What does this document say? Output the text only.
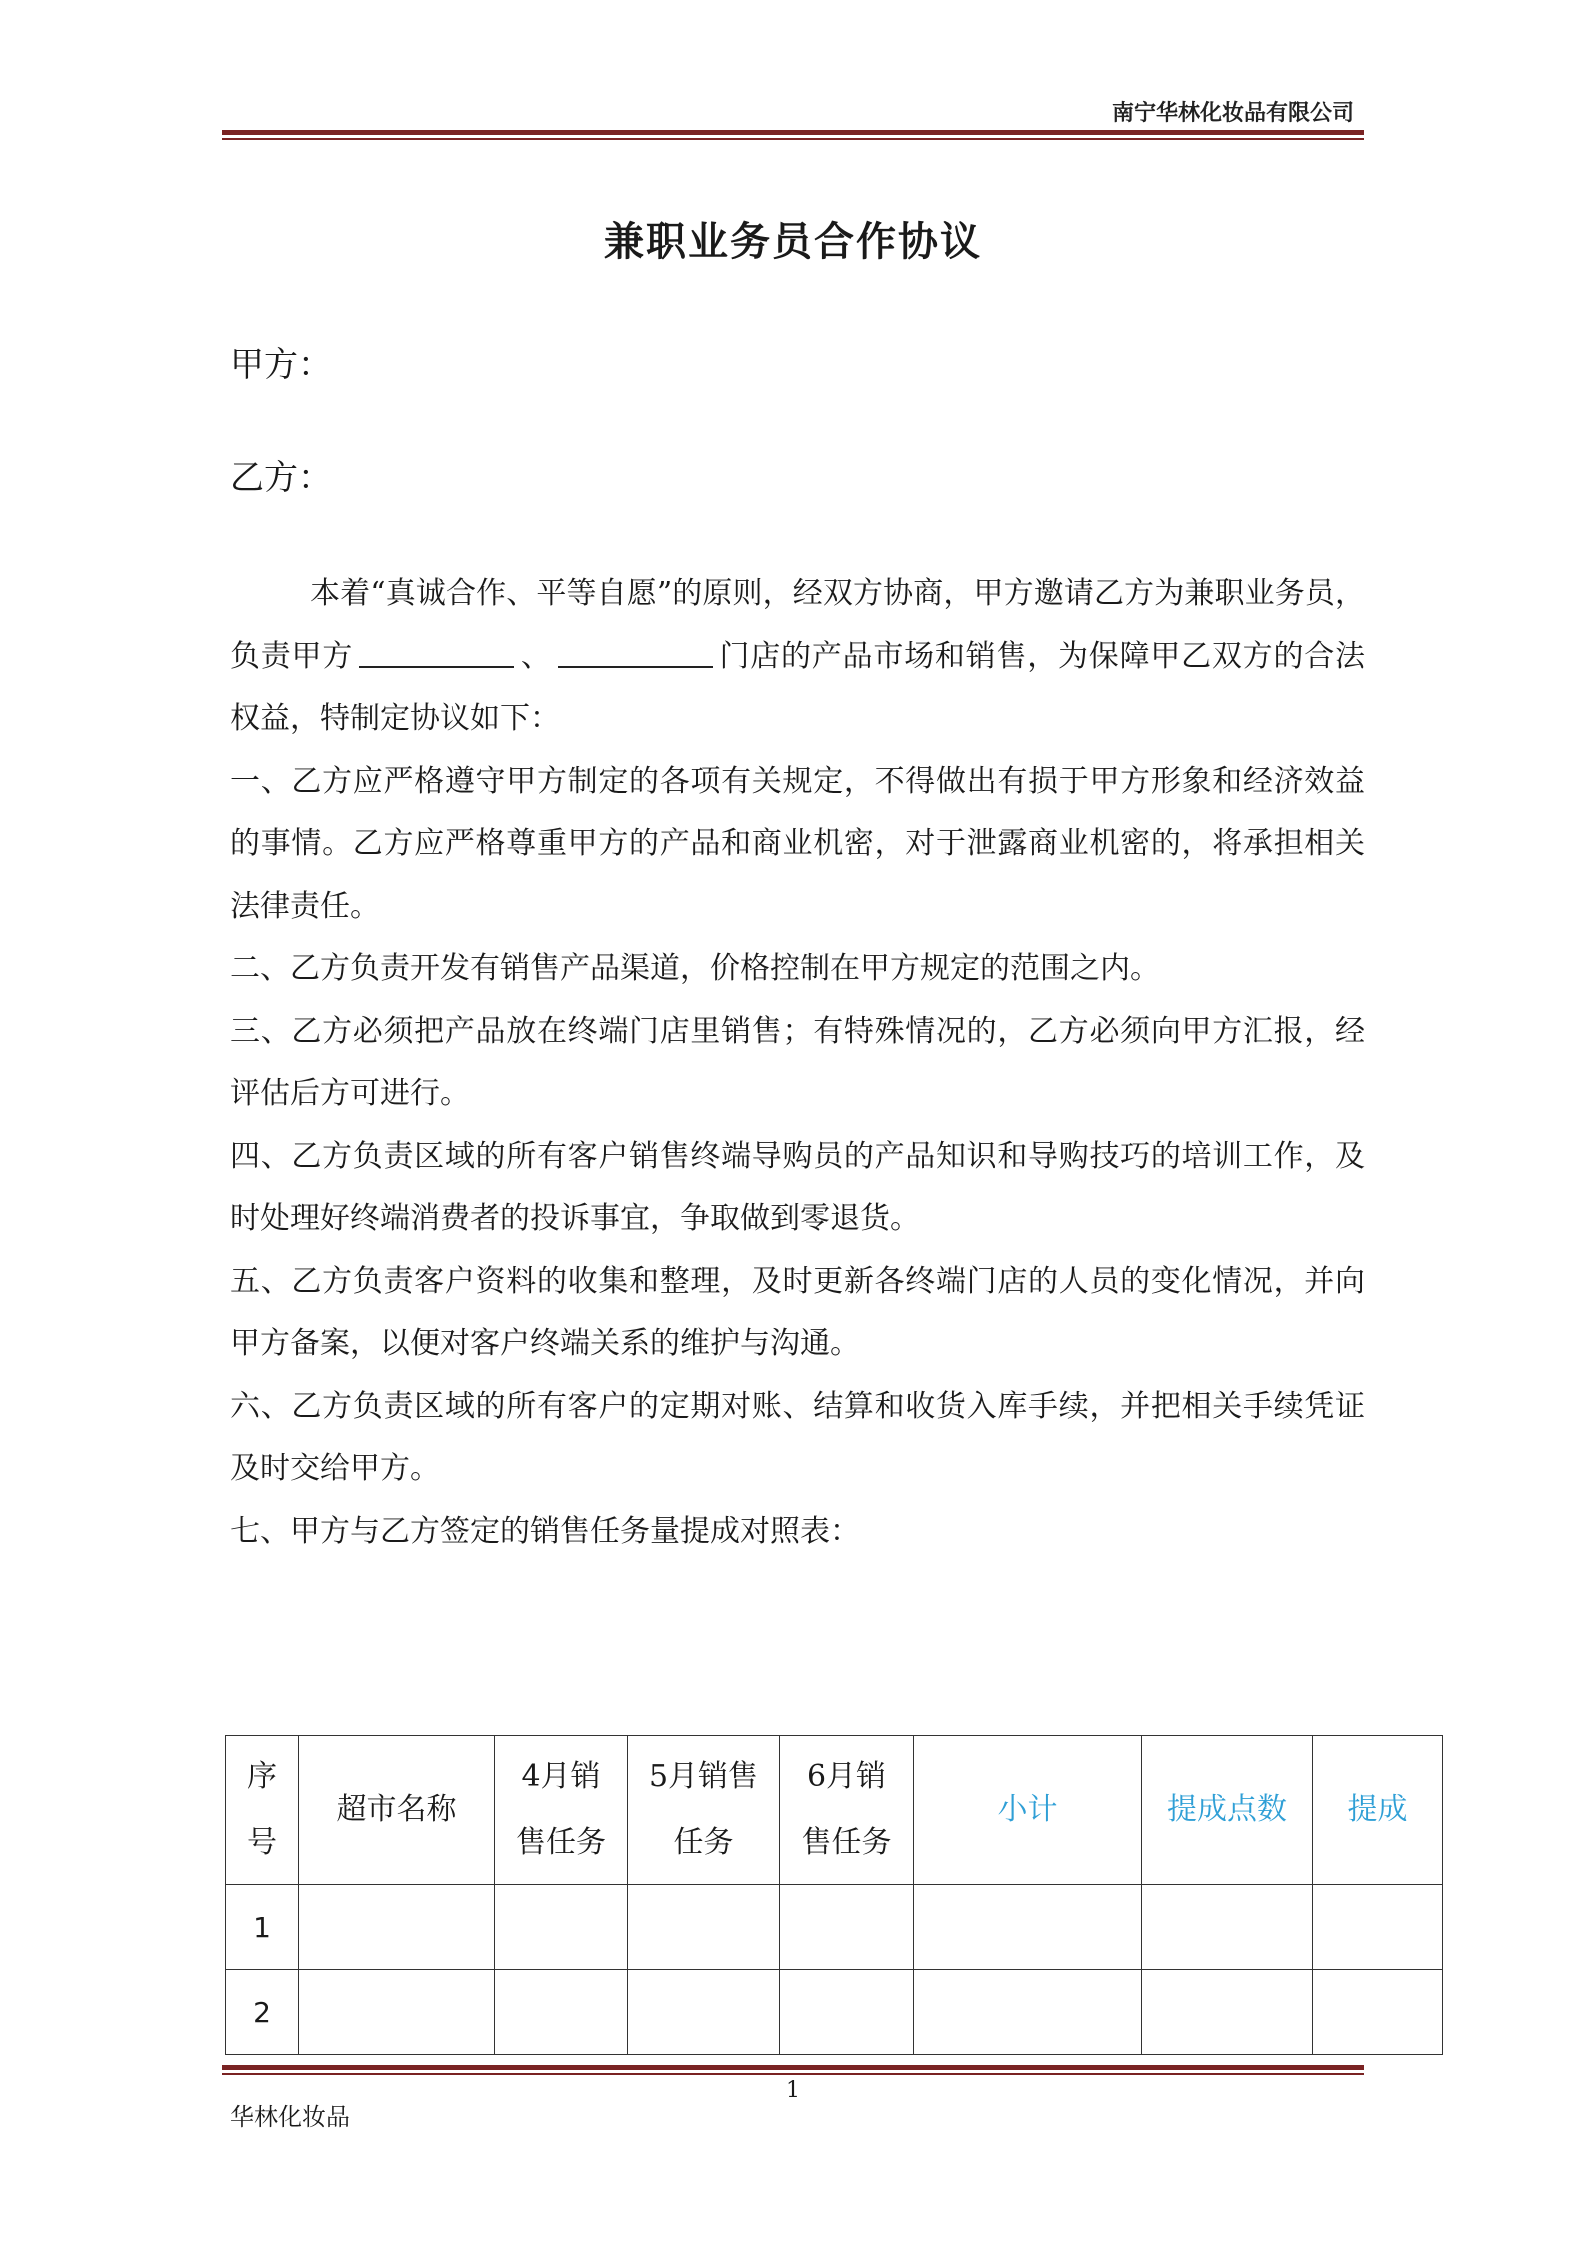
南宁华林化妆品有限公司
兼职业务员合作协议
甲方：
乙方：

本着“真诚合作、平等自愿”的原则，经双方协商，甲方邀请乙方为兼职业务员，负责甲方	、	门店的产品市场和销售，为保障甲乙双方的合法权益，特制定协议如下：

一、乙方应严格遵守甲方制定的各项有关规定，不得做出有损于甲方形象和经济效益的事情。乙方应严格尊重甲方的产品和商业机密，对于泄露商业机密的，将承担相关法律责任。

二、乙方负责开发有销售产品渠道，价格控制在甲方规定的范围之内。

三、乙方必须把产品放在终端门店里销售；有特殊情况的，乙方必须向甲方汇报，经评估后方可进行。

四、乙方负责区域的所有客户销售终端导购员的产品知识和导购技巧的培训工作，及时处理好终端消费者的投诉事宜，争取做到零退货。

五、乙方负责客户资料的收集和整理，及时更新各终端门店的人员的变化情况，并向甲方备案，以便对客户终端关系的维护与沟通。

六、乙方负责区域的所有客户的定期对账、结算和收货入库手续，并把相关手续凭证及时交给甲方。

七、甲方与乙方签定的销售任务量提成对照表：

序号	超市名称	4月销售任务	5月销售任务	6月销售任务	小计	提成点数	提成
1							
2							
1
华林化妆品
